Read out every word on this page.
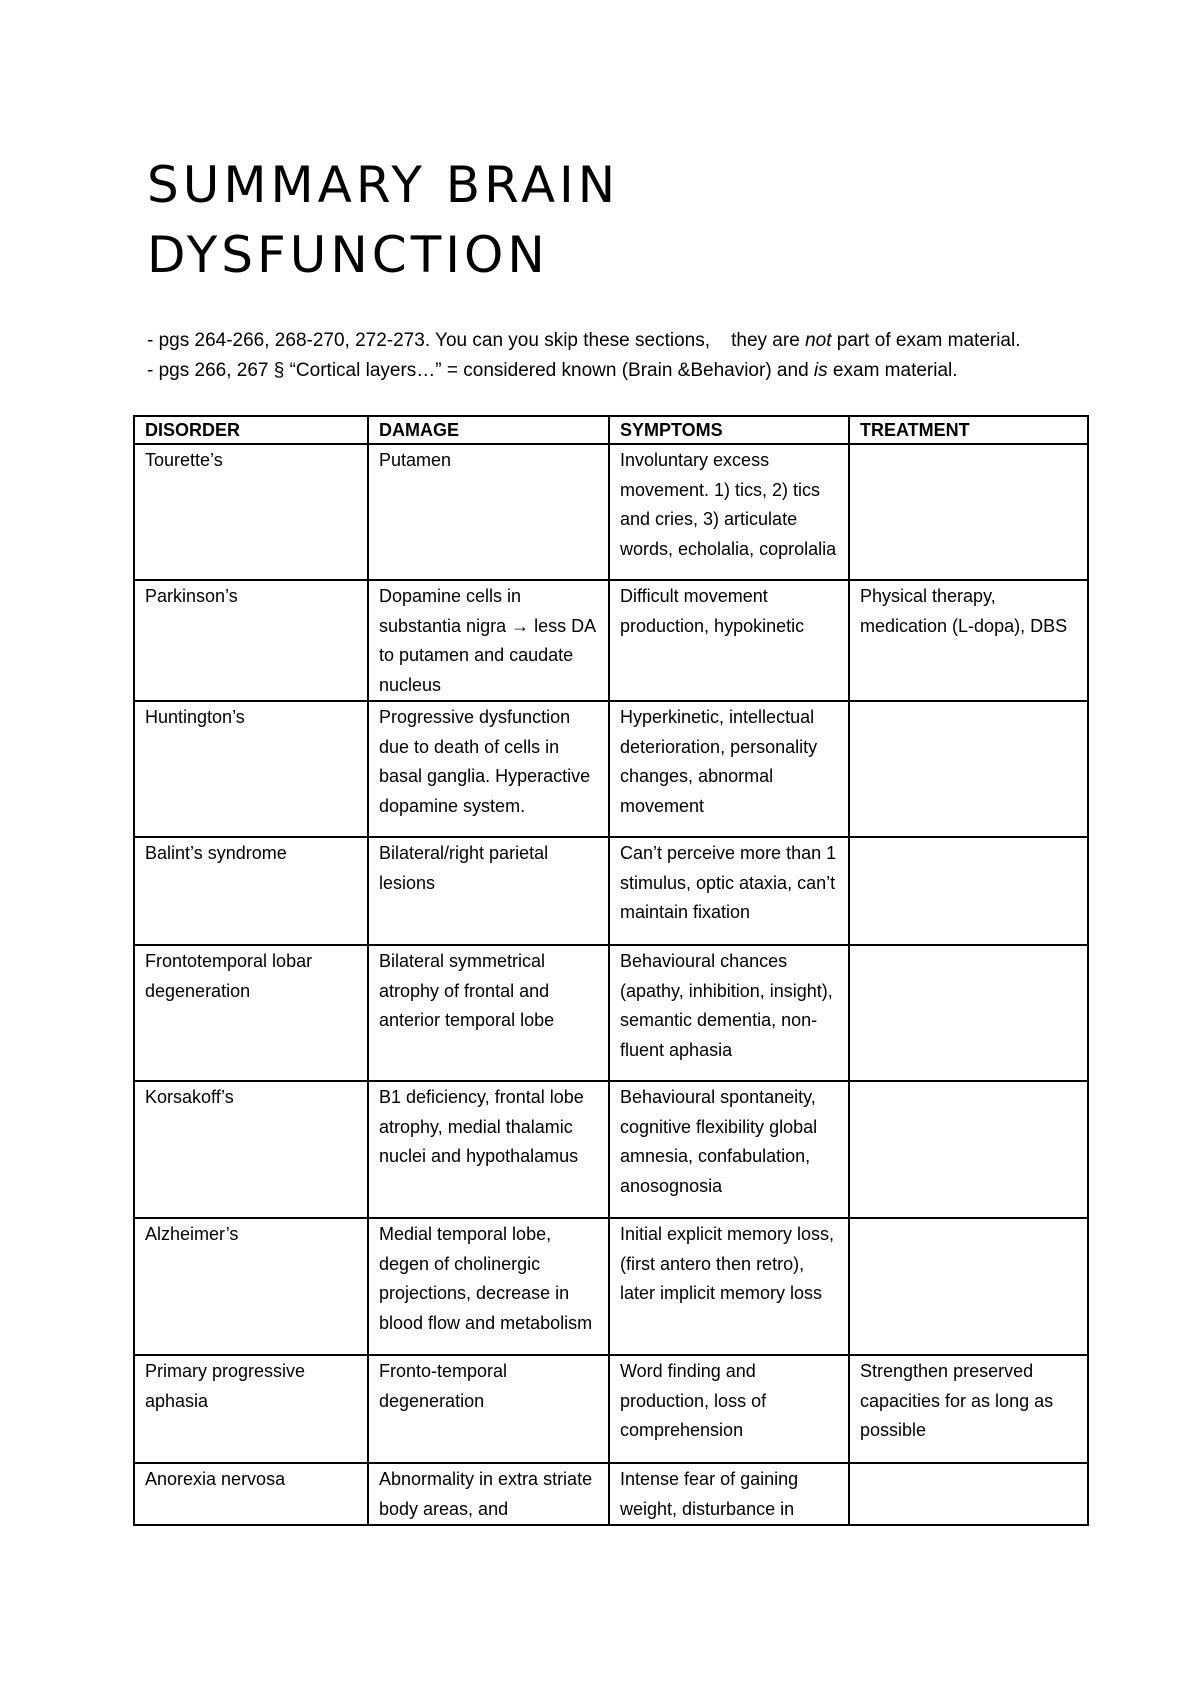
SUMMARY BRAIN
DYSFUNCTION
- pgs 264-266, 268-270, 272-273. You can you skip these sections,    they are not part of exam material.
- pgs 266, 267 § “Cortical layers…” = considered known (Brain &Behavior) and is exam material.
DISORDER	DAMAGE	SYMPTOMS	TREATMENT
Tourette’s	Putamen	Involuntary excess movement. 1) tics, 2) tics and cries, 3) articulate words, echolalia, coprolalia	
Parkinson’s	Dopamine cells in substantia nigra → less DA to putamen and caudate nucleus	Difficult movement production, hypokinetic	Physical therapy, medication (L-dopa), DBS
Huntington’s	Progressive dysfunction due to death of cells in basal ganglia. Hyperactive dopamine system.	Hyperkinetic, intellectual deterioration, personality changes, abnormal movement	
Balint’s syndrome	Bilateral/right parietal lesions	Can’t perceive more than 1 stimulus, optic ataxia, can’t maintain fixation	
Frontotemporal lobar degeneration	Bilateral symmetrical atrophy of frontal and anterior temporal lobe	Behavioural chances (apathy, inhibition, insight), semantic dementia, non-fluent aphasia	
Korsakoff’s	B1 deficiency, frontal lobe atrophy, medial thalamic nuclei and hypothalamus	Behavioural spontaneity, cognitive flexibility global amnesia, confabulation, anosognosia	
Alzheimer’s	Medial temporal lobe, degen of cholinergic projections, decrease in blood flow and metabolism	Initial explicit memory loss, (first antero then retro), later implicit memory loss	
Primary progressive aphasia	Fronto-temporal degeneration	Word finding and production, loss of comprehension	Strengthen preserved capacities for as long as possible
Anorexia nervosa	Abnormality in extra striate body areas, and	Intense fear of gaining weight, disturbance in	
